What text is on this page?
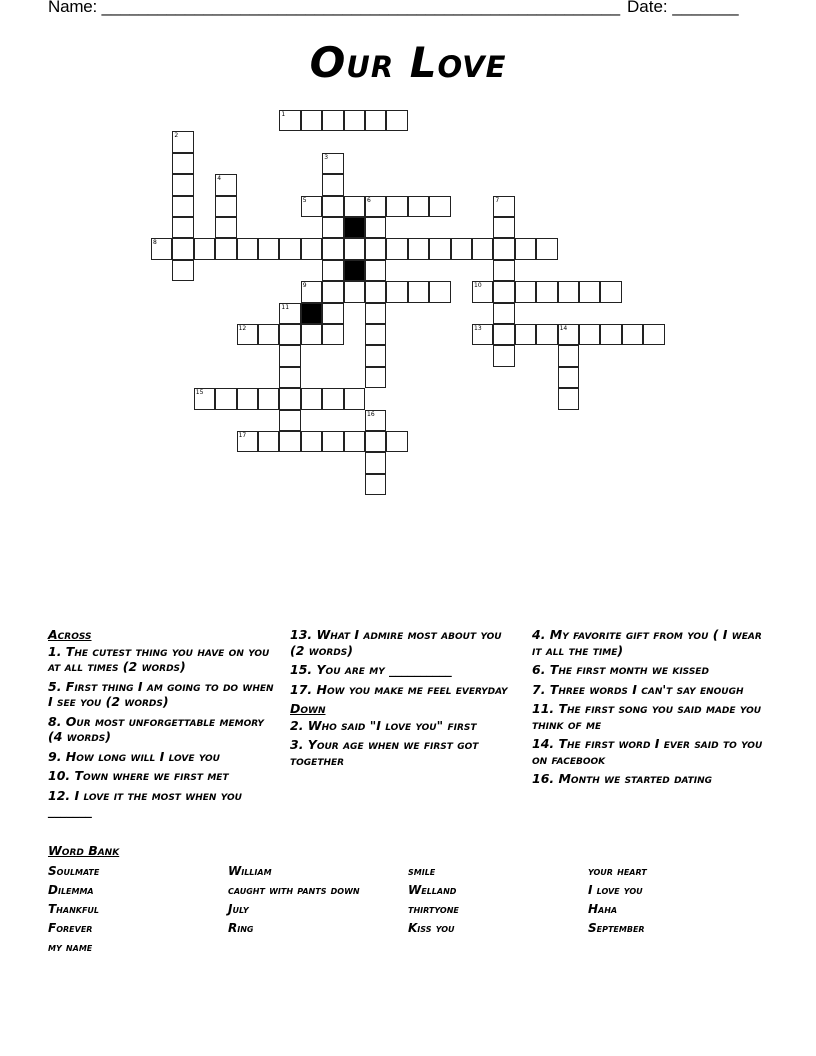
Name: ________________________________________________________ Date: _______
Our Love
1
2
3
4
5	6	7
8
9	10
11
12	13	14
15
16
17
Across
1. The cutest thing you have on you at all times (2 words)
5. First thing I am going to do when I see you (2 words)
8. Our most unforgettable memory (4 words)
9. How long will I love you
10. Town where we first met
12. I love it the most when you _______
13. What I admire most about you (2 words)
15. You are my __________
17. How you make me feel everyday
Down
2. Who said "I love you" first
3. Your age when we first got together
4. My favorite gift from you ( I wear it all the time)
6. The first month we kissed
7. Three words I can't say enough
11. The first song you said made you think of me
14. The first word I ever said to you on facebook
16. Month we started dating
Word Bank
Soulmate
Dilemma
Thankful
Forever
my name
William
caught with pants down
July
Ring
smile
Welland
thirtyone
Kiss you
your heart
I love you
Haha
September
